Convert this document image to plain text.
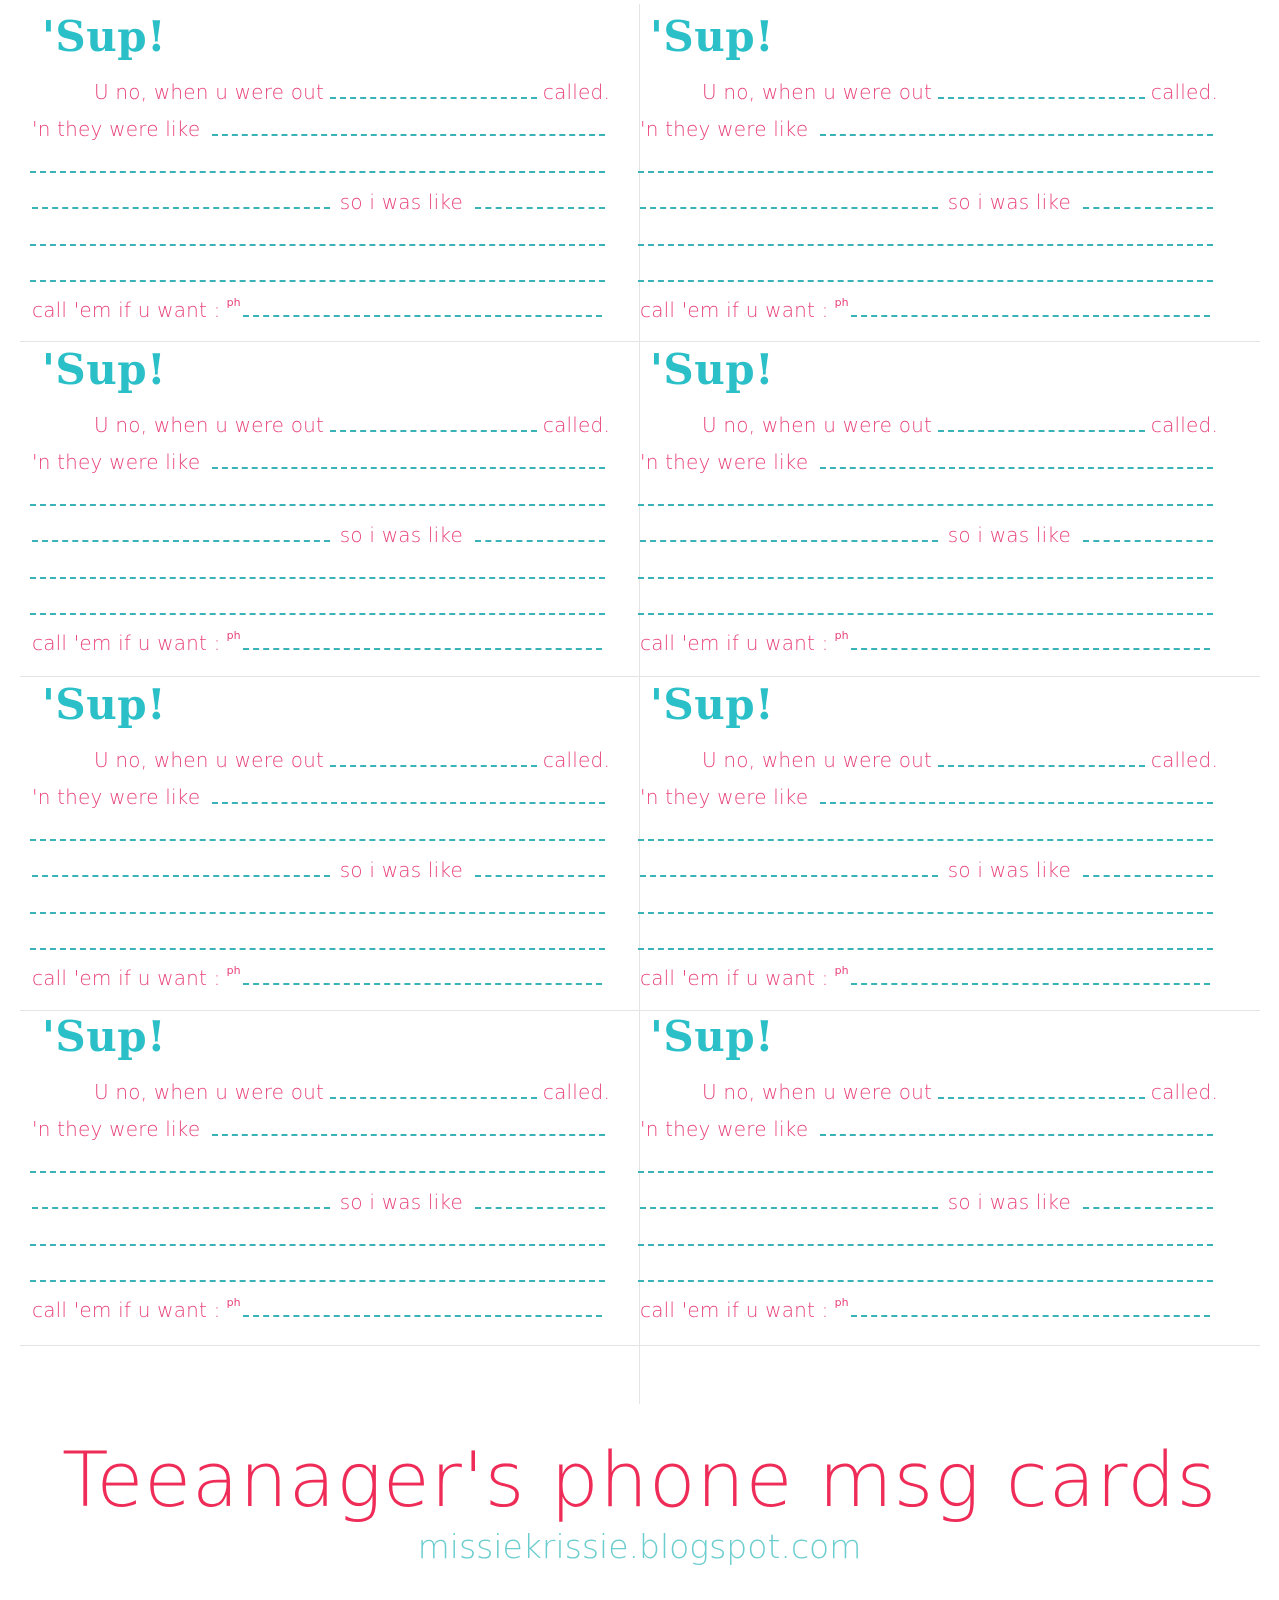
'Sup!
U no, when u were out	called.
'n they were like
so i was like
call 'em if u want : ph
'Sup!
U no, when u were out	called.
'n they were like
so i was like
call 'em if u want : ph
'Sup!
U no, when u were out	called.
'n they were like
so i was like
call 'em if u want : ph
'Sup!
U no, when u were out	called.
'n they were like
so i was like
call 'em if u want : ph
'Sup!
U no, when u were out	called.
'n they were like
so i was like
call 'em if u want : ph
'Sup!
U no, when u were out	called.
'n they were like
so i was like
call 'em if u want : ph
'Sup!
U no, when u were out	called.
'n they were like
so i was like
call 'em if u want : ph
'Sup!
U no, when u were out	called.
'n they were like
so i was like
call 'em if u want : ph
Teeanager's phone msg cards
missiekrissie.blogspot.com
